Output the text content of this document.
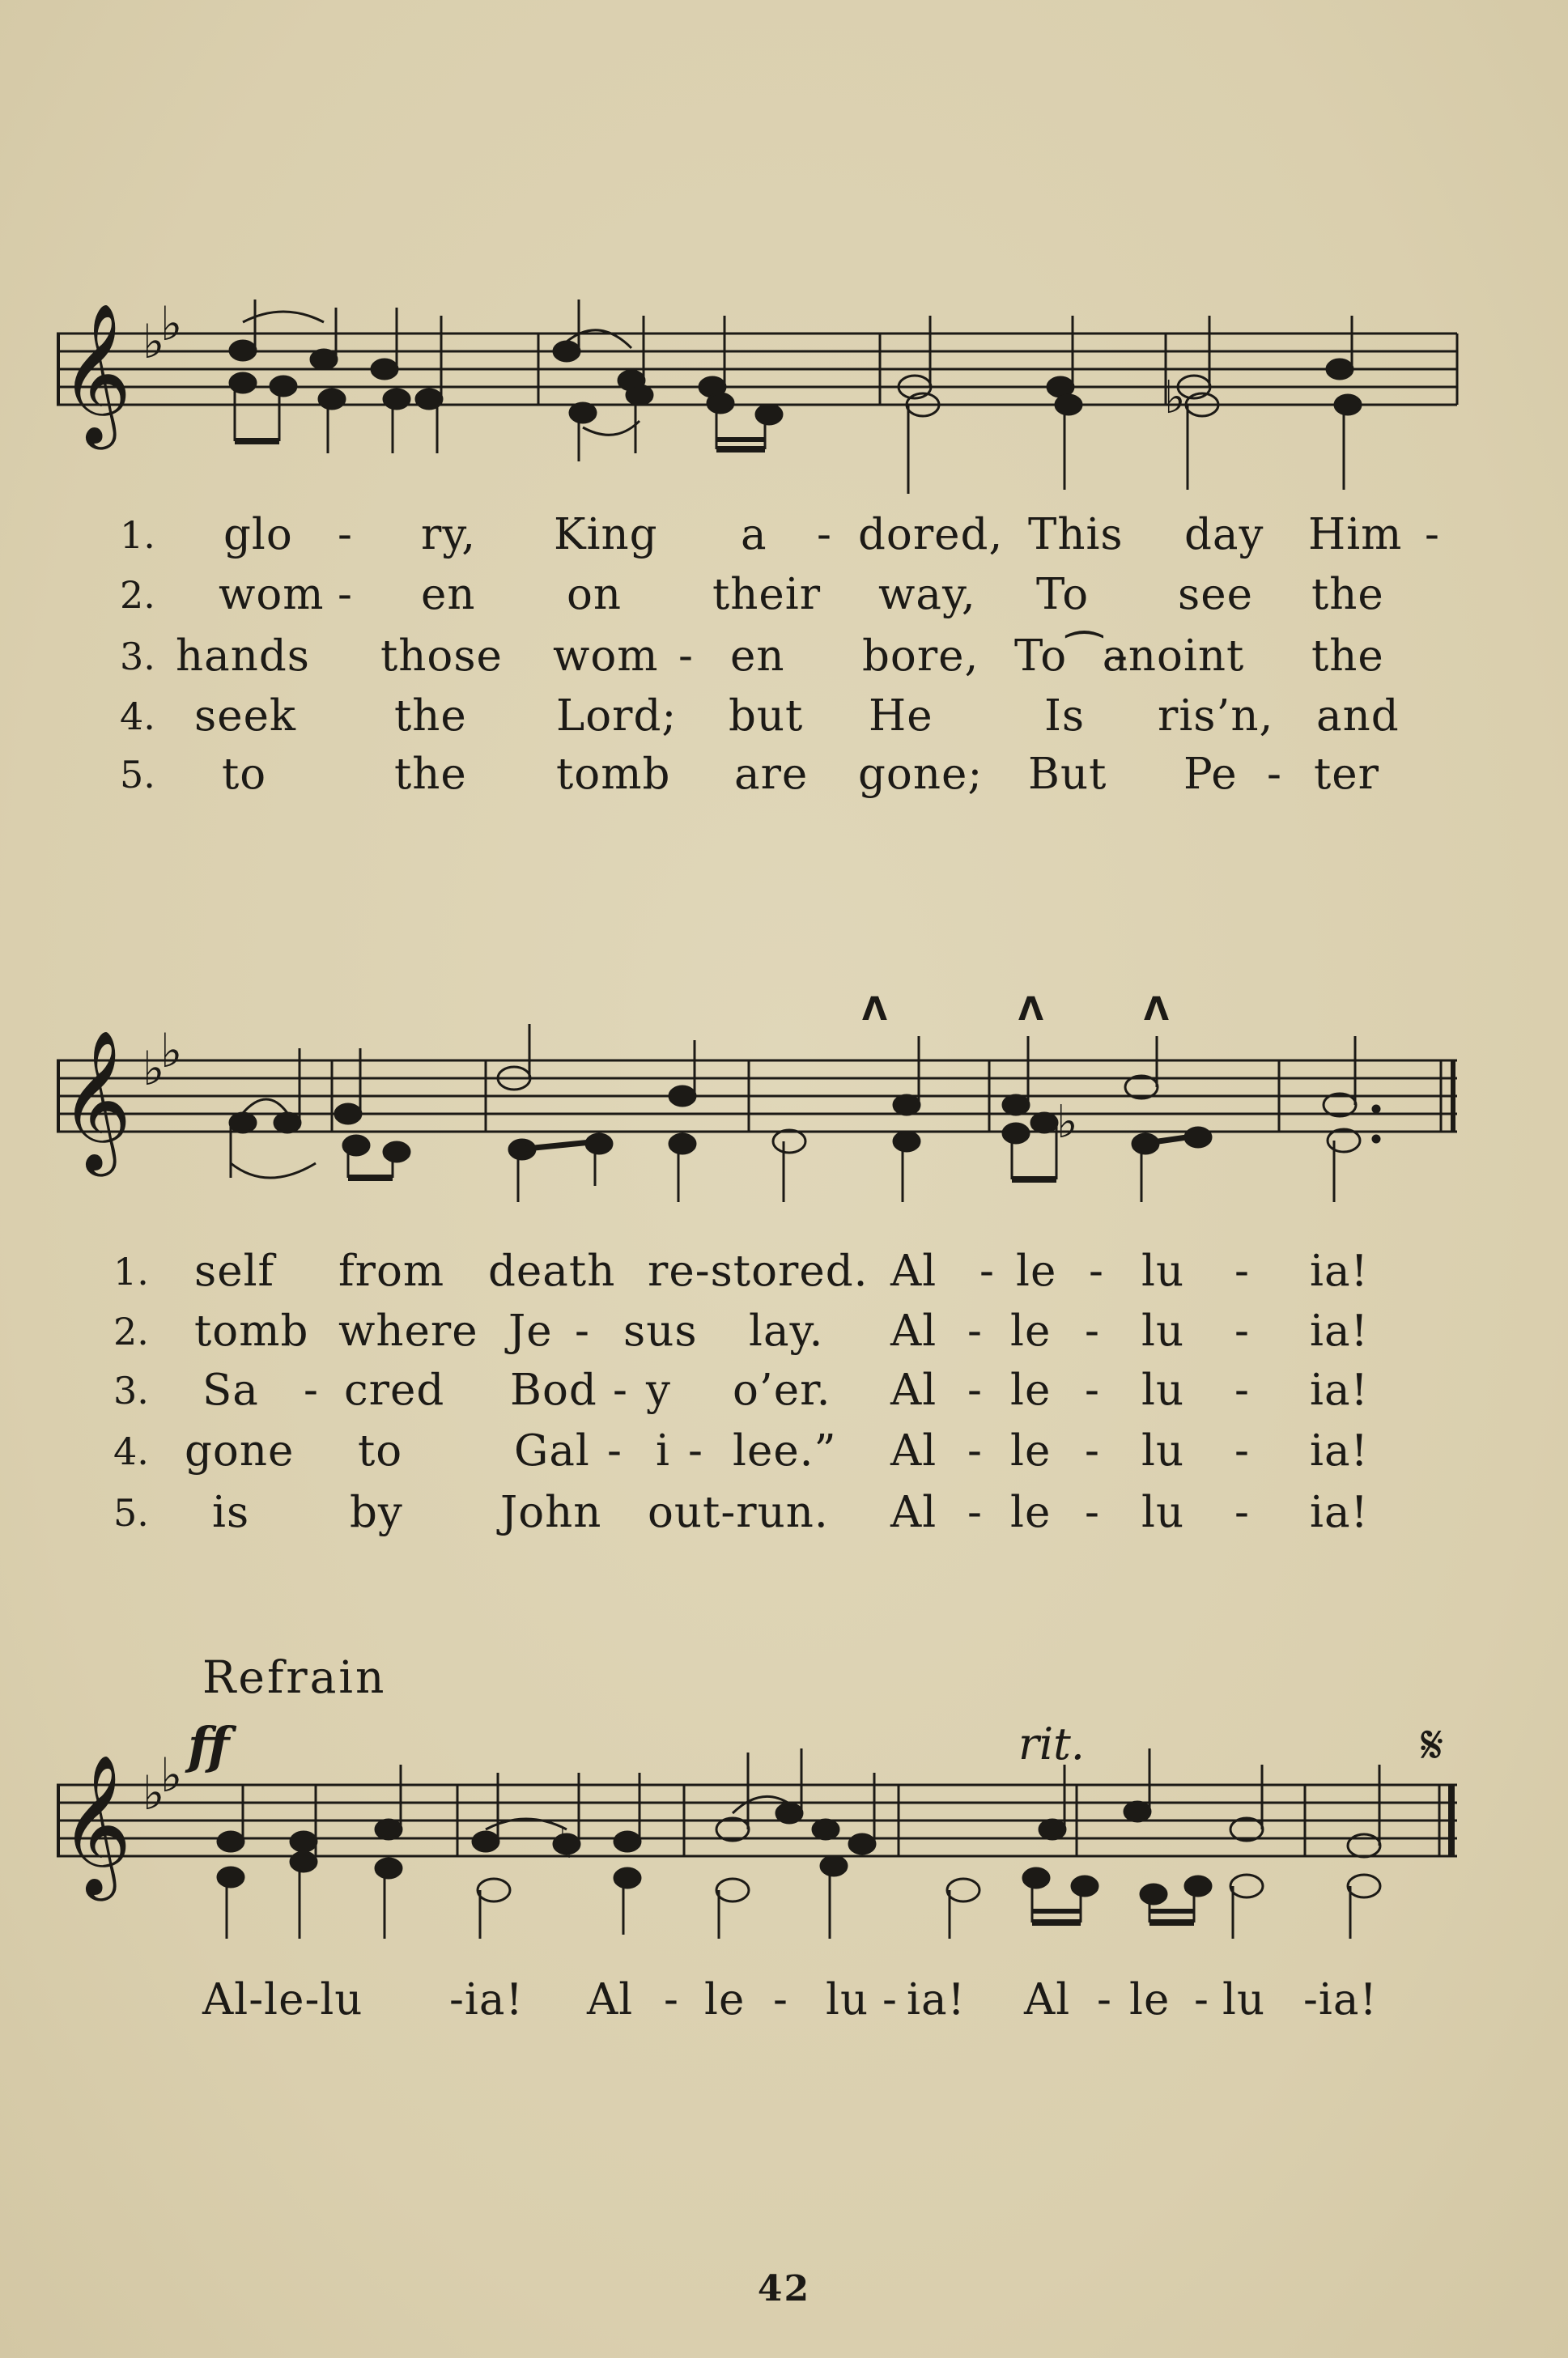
𝄞 ♭
♭
♭
1. glo - ry, King a - dored, This day Him -
2. wom - en on their way, To see the
3. hands those wom - en bore, To⁀a
-noint the
4. seek the Lord; but He	Is ris’n, and
5. to	the tomb are gone; But Pe - ter
𝄞 ♭
♭
Λ	Λ	Λ
♭
1. self from death re-stored. Al - le - lu - ia!
2. tomb where Je - sus lay. Al - le - lu - ia!
3. Sa - cred Bod - y o’er. Al - le - lu - ia!
4. gone to	Gal - i - lee.” Al - le - lu - ia!
5. is by John out-run. Al - le - lu - ia!
Refrain
ff	rit.	𝄋
𝄞 ♭
♭
♮
Al-le-lu -ia! Al - le - lu - ia! Al - le - lu -ia!
42
